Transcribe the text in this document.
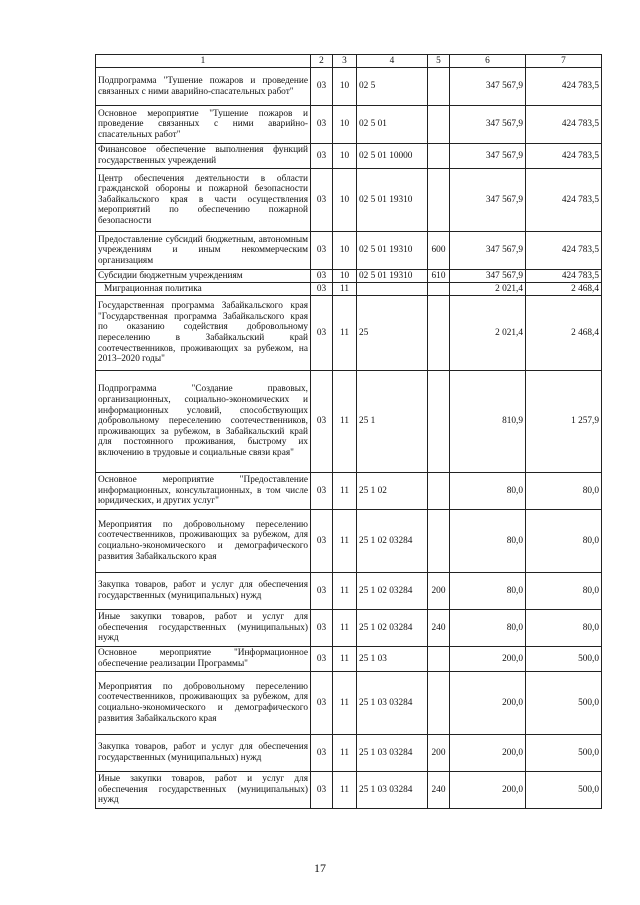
1	2	3	4	5	6	7
Подпрограмма "Тушение пожаров и проведение связанных с ними аварийно-спасательных работ"	03	10	02 5		347 567,9	424 783,5
Основное мероприятие "Тушение пожаров и проведение связанных с ними аварийно-спасательных работ"	03	10	02 5 01		347 567,9	424 783,5
Финансовое обеспечение выполнения функций государственных учреждений	03	10	02 5 01 10000		347 567,9	424 783,5
Центр обеспечения деятельности в области гражданской обороны и пожарной безопасности Забайкальского края в части осуществления мероприятий по обеспечению пожарной безопасности	03	10	02 5 01 19310		347 567,9	424 783,5
Предоставление субсидий бюджетным, автономным учреждениям и иным некоммерческим организациям	03	10	02 5 01 19310	600	347 567,9	424 783,5
Субсидии бюджетным учреждениям	03	10	02 5 01 19310	610	347 567,9	424 783,5
Миграционная политика	03	11			2 021,4	2 468,4
Государственная программа Забайкальского края "Государственная программа Забайкальского края по оказанию содействия добровольному переселению в Забайкальский край соотечественников, проживающих за рубежом, на 2013–2020 годы"	03	11	25		2 021,4	2 468,4
Подпрограмма "Создание правовых, организационных, социально-экономических и информационных условий, способствующих добровольному переселению соотечественников, проживающих за рубежом, в Забайкальский край для постоянного проживания, быстрому их включению в трудовые и социальные связи края"	03	11	25 1		810,9	1 257,9
Основное мероприятие "Предоставление информационных, консультационных, в том числе юридических, и других услуг"	03	11	25 1 02		80,0	80,0
Мероприятия по добровольному переселению соотечественников, проживающих за рубежом, для социально-экономического и демографического развития Забайкальского края	03	11	25 1 02 03284		80,0	80,0
Закупка товаров, работ и услуг для обеспечения государственных (муниципальных) нужд	03	11	25 1 02 03284	200	80,0	80,0
Иные закупки товаров, работ и услуг для обеспечения государственных (муниципальных) нужд	03	11	25 1 02 03284	240	80,0	80,0
Основное мероприятие "Информационное обеспечение реализации Программы"	03	11	25 1 03		200,0	500,0
Мероприятия по добровольному переселению соотечественников, проживающих за рубежом, для социально-экономического и демографического развития Забайкальского края	03	11	25 1 03 03284		200,0	500,0
Закупка товаров, работ и услуг для обеспечения государственных (муниципальных) нужд	03	11	25 1 03 03284	200	200,0	500,0
Иные закупки товаров, работ и услуг для обеспечения государственных (муниципальных) нужд	03	11	25 1 03 03284	240	200,0	500,0
17
